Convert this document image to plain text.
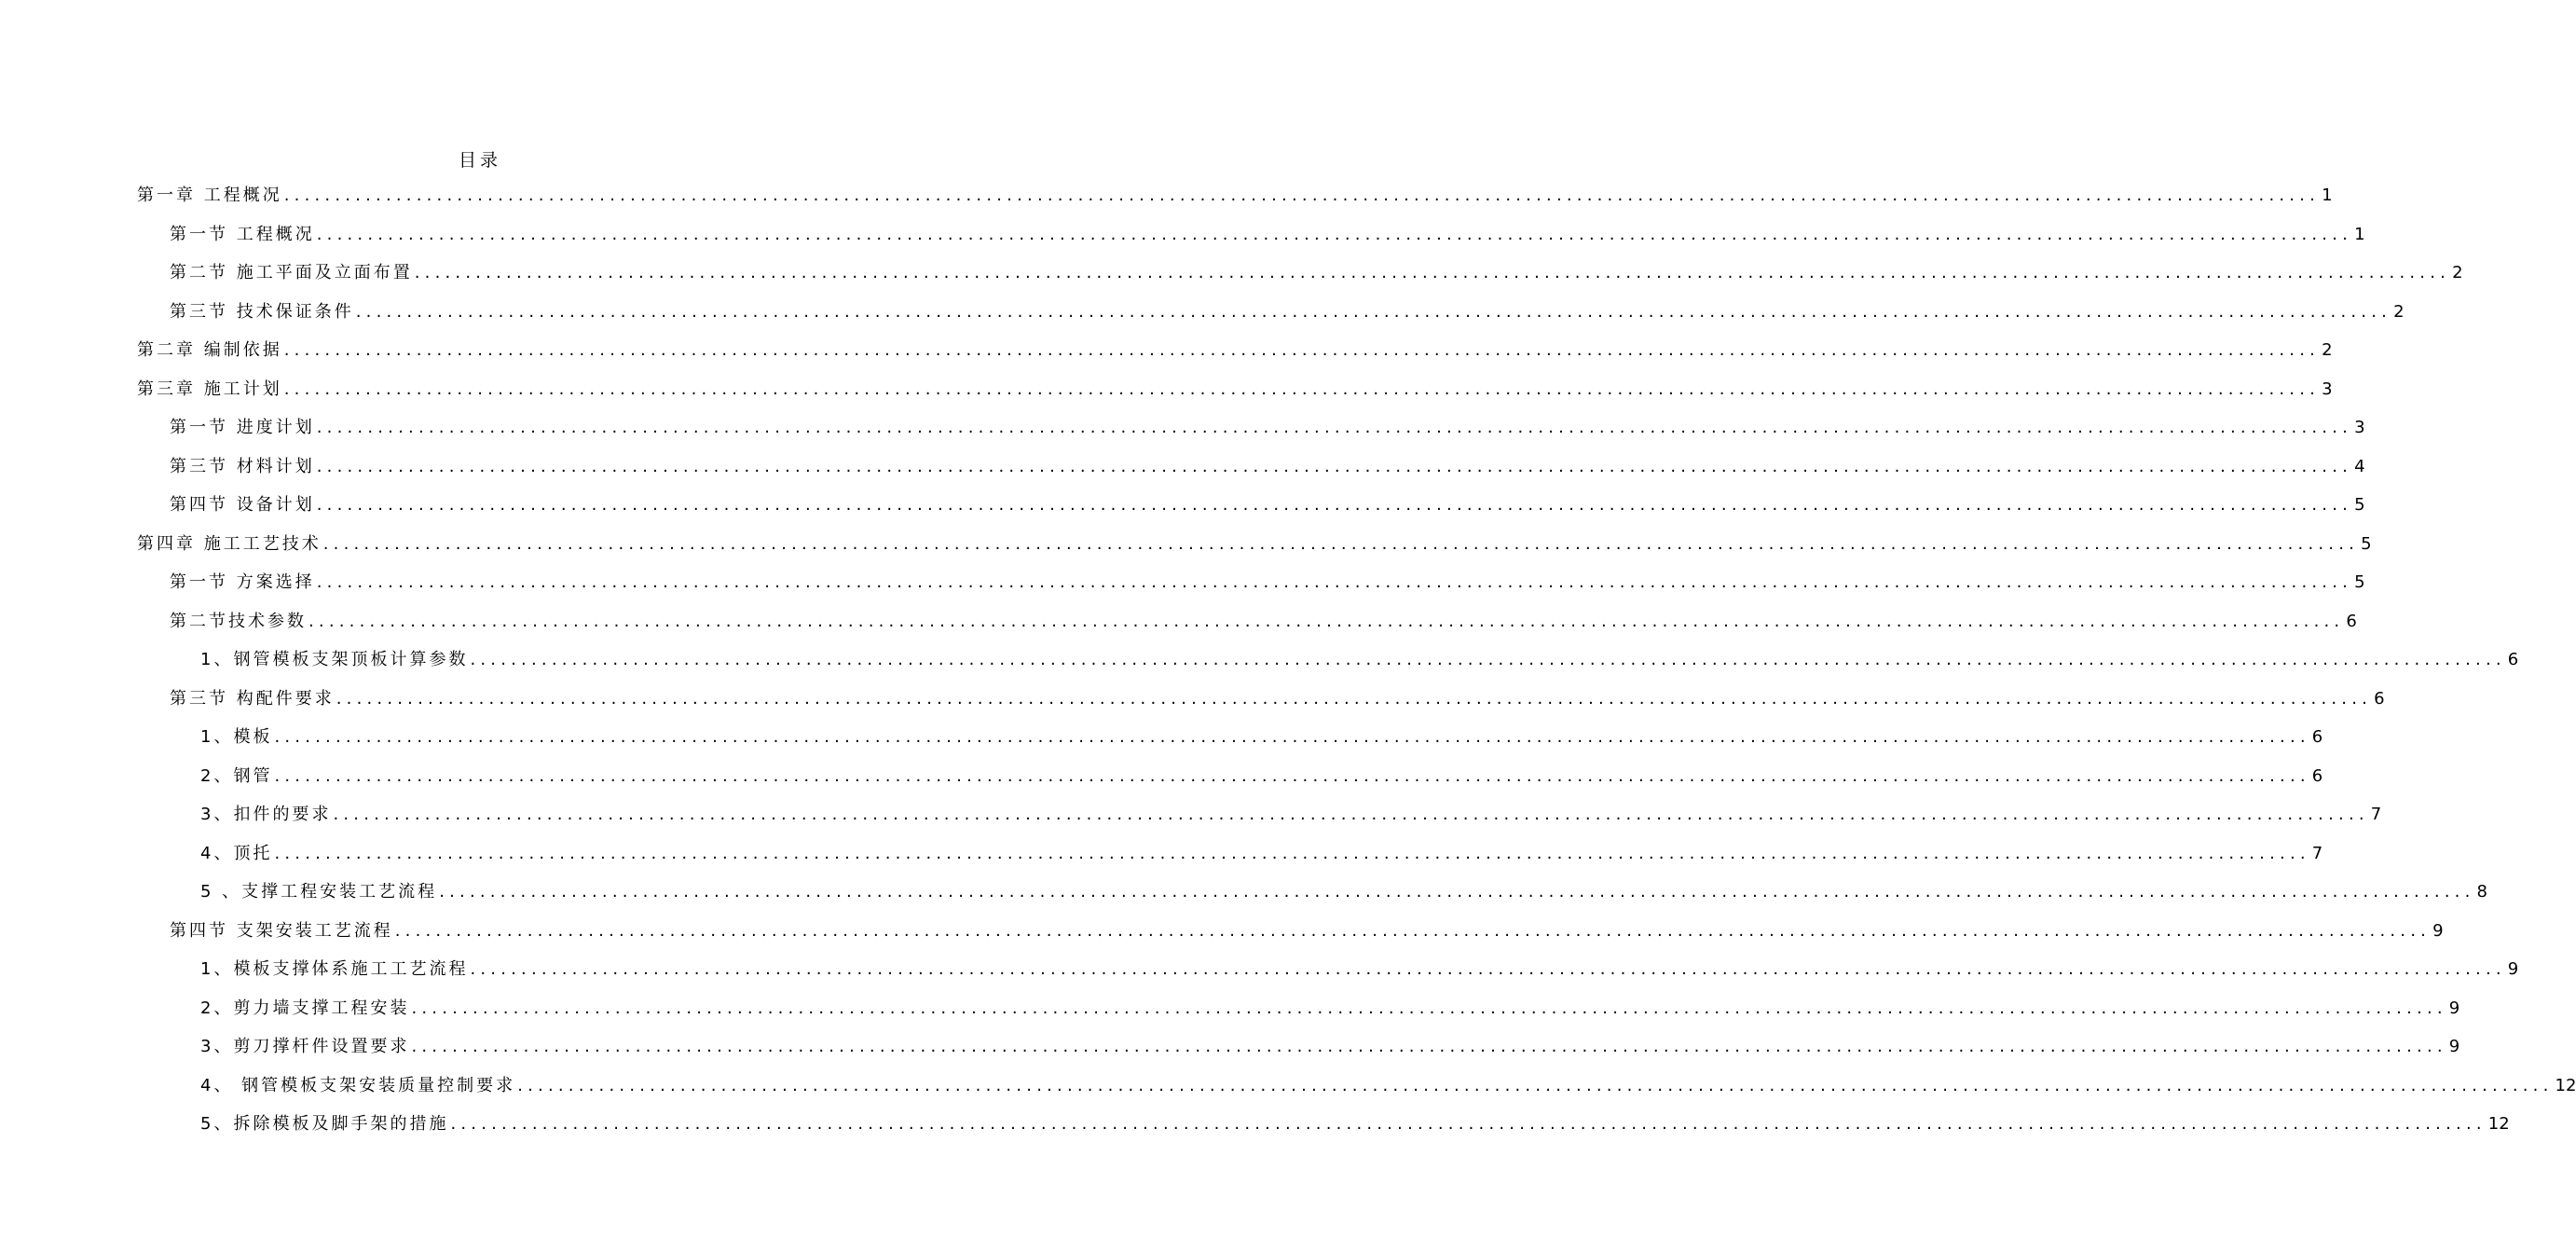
目录
第一章 工程概况 ........................................................................................................................................................................................................ 1
第一节 工程概况 ........................................................................................................................................................................................................ 1
第二节 施工平面及立面布置 ........................................................................................................................................................................................................ 2
第三节 技术保证条件 ........................................................................................................................................................................................................ 2
第二章 编制依据 ........................................................................................................................................................................................................ 2
第三章 施工计划 ........................................................................................................................................................................................................ 3
第一节 进度计划 ........................................................................................................................................................................................................ 3
第三节 材料计划 ........................................................................................................................................................................................................ 4
第四节 设备计划 ........................................................................................................................................................................................................ 5
第四章 施工工艺技术 ........................................................................................................................................................................................................ 5
第一节 方案选择 ........................................................................................................................................................................................................ 5
第二节技术参数 ........................................................................................................................................................................................................ 6
1、钢管模板支架顶板计算参数 ........................................................................................................................................................................................................ 6
第三节 构配件要求 ........................................................................................................................................................................................................ 6
1、模板 ........................................................................................................................................................................................................ 6
2、钢管 ........................................................................................................................................................................................................ 6
3、扣件的要求 ........................................................................................................................................................................................................ 7
4、顶托 ........................................................................................................................................................................................................ 7
5 、支撑工程安装工艺流程 ........................................................................................................................................................................................................ 8
第四节 支架安装工艺流程 ........................................................................................................................................................................................................ 9
1、模板支撑体系施工工艺流程 ........................................................................................................................................................................................................ 9
2、剪力墙支撑工程安装 ........................................................................................................................................................................................................ 9
3、剪刀撑杆件设置要求 ........................................................................................................................................................................................................ 9
4、 钢管模板支架安装质量控制要求 ........................................................................................................................................................................................................ 12
5、拆除模板及脚手架的措施 ........................................................................................................................................................................................................ 12
